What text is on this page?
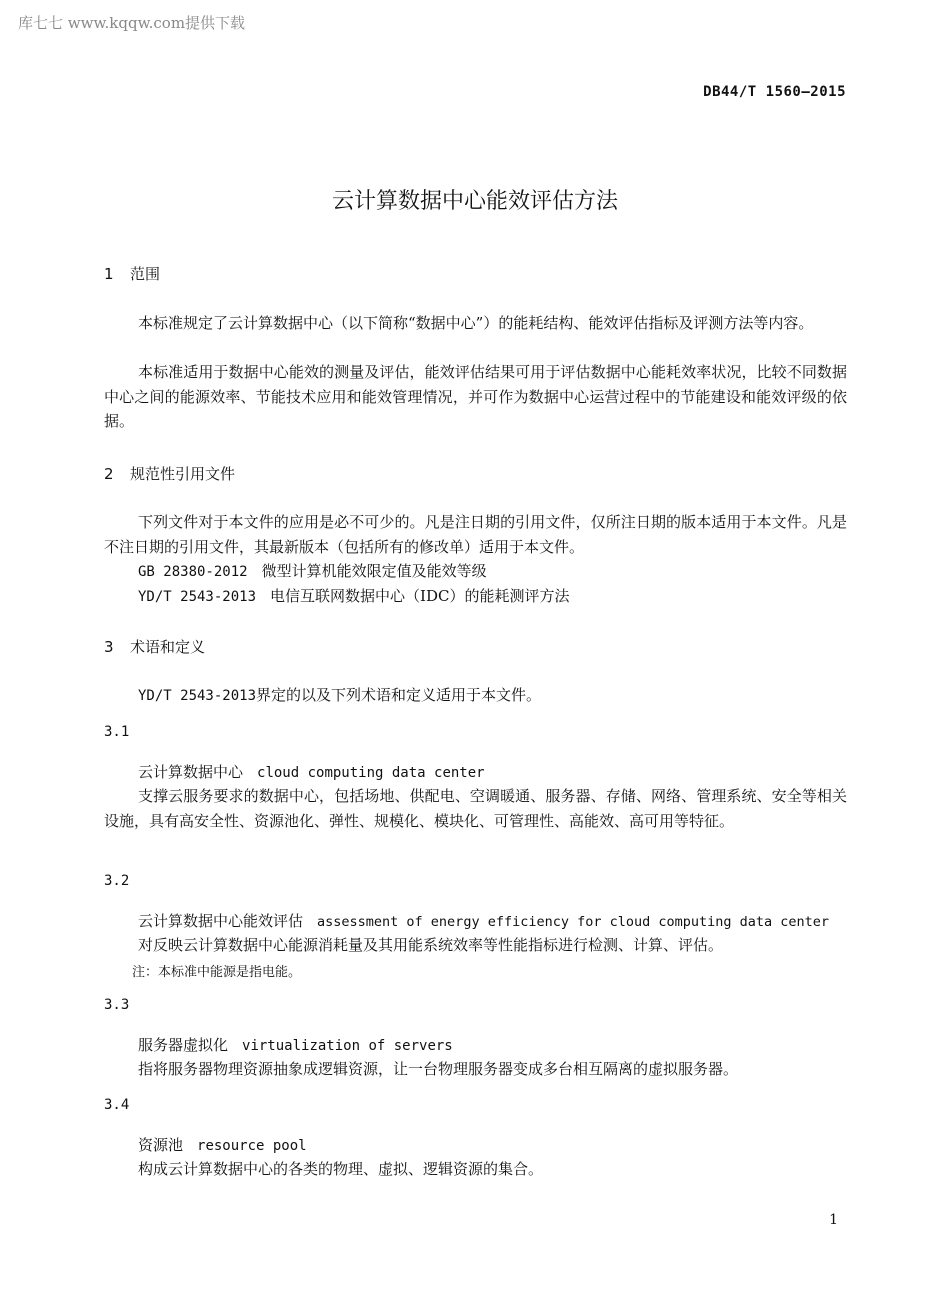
库七七 www.kqqw.com提供下载
DB44/T 1560—2015
云计算数据中心能效评估方法
1 范围
本标准规定了云计算数据中心（以下简称“数据中心”）的能耗结构、能效评估指标及评测方法等内容。
本标准适用于数据中心能效的测量及评估，能效评估结果可用于评估数据中心能耗效率状况，比较不同数据中心之间的能源效率、节能技术应用和能效管理情况，并可作为数据中心运营过程中的节能建设和能效评级的依据。
2 规范性引用文件
下列文件对于本文件的应用是必不可少的。凡是注日期的引用文件，仅所注日期的版本适用于本文件。凡是不注日期的引用文件，其最新版本（包括所有的修改单）适用于本文件。
GB 28380-2012 微型计算机能效限定值及能效等级
YD/T 2543-2013 电信互联网数据中心（IDC）的能耗测评方法
3 术语和定义
YD/T 2543-2013界定的以及下列术语和定义适用于本文件。
3.1
云计算数据中心 cloud computing data center
支撑云服务要求的数据中心，包括场地、供配电、空调暖通、服务器、存储、网络、管理系统、安全等相关设施，具有高安全性、资源池化、弹性、规模化、模块化、可管理性、高能效、高可用等特征。
3.2
云计算数据中心能效评估 assessment of energy efficiency for cloud computing data center
对反映云计算数据中心能源消耗量及其用能系统效率等性能指标进行检测、计算、评估。
注：本标准中能源是指电能。
3.3
服务器虚拟化 virtualization of servers
指将服务器物理资源抽象成逻辑资源，让一台物理服务器变成多台相互隔离的虚拟服务器。
3.4
资源池 resource pool
构成云计算数据中心的各类的物理、虚拟、逻辑资源的集合。
1
